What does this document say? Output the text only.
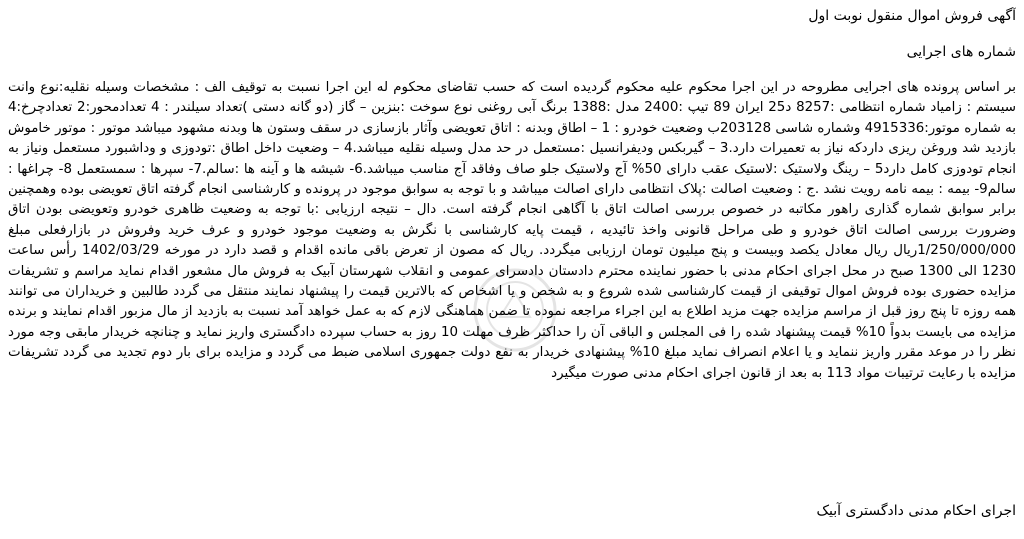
آگهی فروش اموال منقول نوبت اول
شماره های اجرایی
بر اساس پرونده های اجرایی مطروحه در این اجرا محکوم علیه محکوم گردیده است که حسب تقاضای محکوم له این اجرا نسبت به توقیف الف : مشخصات وسیله نقلیه:نوع وانت سیستم : زامیاد شماره انتظامی :8257 د25 ایران 89 تیپ :2400 مدل :1388 برنگ آبی روغنی نوع سوخت :بنزین – گاز (دو گانه دستی )تعداد سیلندر : 4 تعدادمحور:2 تعدادچرخ:4 به شماره موتور:4915336 وشماره شاسی 203128ب وضعیت خودرو : 1 – اطاق وبدنه : اتاق تعویضی وآثار بازسازی در سقف وستون ها وبدنه مشهود میباشد موتور : موتور خاموش بازدید شد وروغن ریزی داردکه نیاز به تعمیرات دارد.3 – گیربکس ودیفرانسیل :مستعمل در حد مدل وسیله نقلیه میباشد.4 – وضعیت داخل اطاق :تودوزی و وداشبورد مستعمل ونیاز به انجام تودوزی کامل دارد5 – رینگ ولاستیک :لاستیک عقب دارای 50% آج ولاستیک جلو صاف وفاقد آج مناسب میباشد.6- شیشه ها و آینه ها :سالم.7- سپرها : سمستعمل 8- چراغها : سالم9- بیمه : بیمه نامه رویت نشد .ج : وضعیت اصالت :پلاک انتظامی دارای اصالت میباشد و با توجه به سوابق موجود در پرونده و کارشناسی انجام گرفته اتاق تعویضی بوده وهمچنین برابر سوابق شماره گذاری راهور مکاتبه در خصوص بررسی اصالت اتاق با آگاهی انجام گرفته است. دال – نتیجه ارزیابی :با توجه به وضعیت ظاهری خودرو وتعویضی بودن اتاق وضرورت بررسی اصالت اتاق خودرو و طی مراحل قانونی واخذ تائیدیه ، قیمت پایه کارشناسی با نگرش به وضعیت موجود خودرو و عرف خرید وفروش در بازارفعلی مبلغ 1/250/000/000ریال ریال معادل یکصد وبیست و پنج میلیون تومان ارزیابی میگردد. ریال که مصون از تعرض باقی مانده اقدام و قصد دارد در مورخه 1402/03/29 رأس ساعت 1230 الی 1300 صبح در محل اجرای احکام مدنی با حضور نماینده محترم دادستان دادسرای عمومی و انقلاب شهرستان آبیک به فروش مال مشعور اقدام نماید مراسم و تشریفات مزایده حضوری بوده فروش اموال توقیفی از قیمت کارشناسی شده شروع و به شخص و یا اشخاص که بالاترین قیمت را پیشنهاد نمایند منتقل می گردد طالبین و خریداران می توانند همه روزه تا پنج روز قبل از مراسم مزایده جهت مزید اطلاع به این اجراء مراجعه نموده تا ضمن هماهنگی لازم که به عمل خواهد آمد نسبت به بازدید از مال مزبور اقدام نمایند و برنده مزایده می بایست بدواً 10% قیمت پیشنهاد شده را فی المجلس و الباقی آن را حداکثر ظرف مهلت 10 روز به حساب سپرده دادگستری واریز نماید و چنانچه خریدار مابقی وجه مورد نظر را در موعد مقرر واریز ننماید و یا اعلام انصراف نماید مبلغ 10% پیشنهادی خریدار به نفع دولت جمهوری اسلامی ضبط می گردد و مزایده برای بار دوم تجدید می گردد تشریفات مزایده با رعایت ترتیبات مواد 113 به بعد از قانون اجرای احکام مدنی صورت میگیرد
اجرای احکام مدنی دادگستری آبیک
